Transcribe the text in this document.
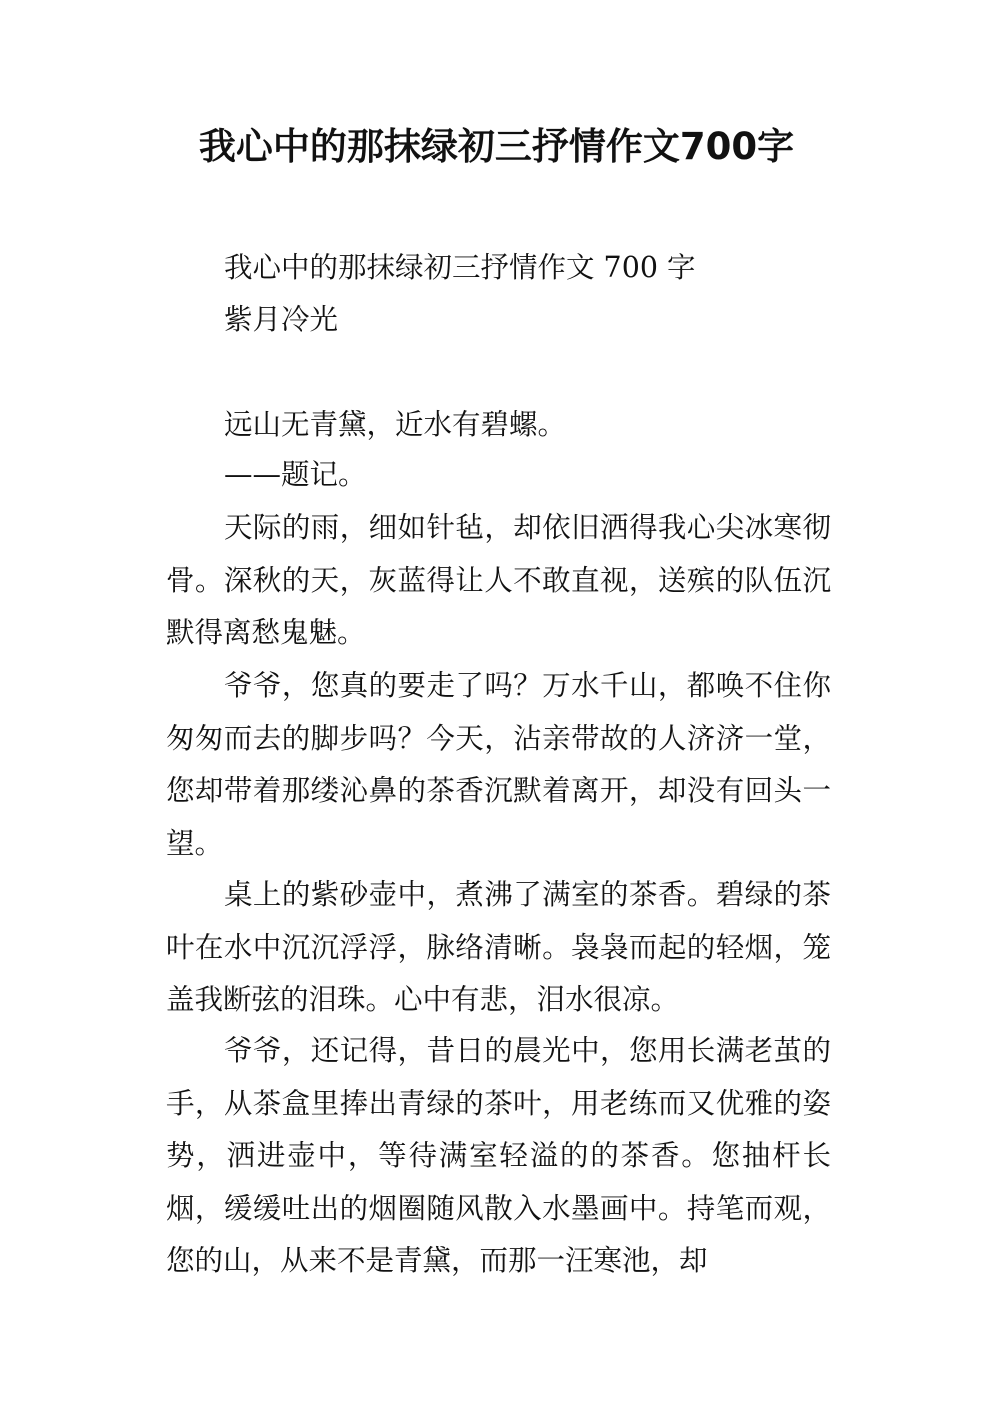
我心中的那抹绿初三抒情作文700字
我心中的那抹绿初三抒情作文 700 字
紫月冷光
远山无青黛，近水有碧螺。
——题记。

天际的雨，细如针毡，却依旧洒得我心尖冰寒彻骨。深秋的天，灰蓝得让人不敢直视，送殡的队伍沉默得离愁鬼魅。

爷爷，您真的要走了吗？万水千山，都唤不住你匆匆而去的脚步吗？今天，沾亲带故的人济济一堂，您却带着那缕沁鼻的茶香沉默着离开，却没有回头一望。

桌上的紫砂壶中，煮沸了满室的茶香。碧绿的茶叶在水中沉沉浮浮，脉络清晰。袅袅而起的轻烟，笼盖我断弦的泪珠。心中有悲，泪水很凉。

爷爷，还记得，昔日的晨光中，您用长满老茧的手，从茶盒里捧出青绿的茶叶，用老练而又优雅的姿势，洒进壶中，等待满室轻溢的的茶香。您抽杆长烟，缓缓吐出的烟圈随风散入水墨画中。持笔而观，您的山，从来不是青黛，而那一汪寒池，却
